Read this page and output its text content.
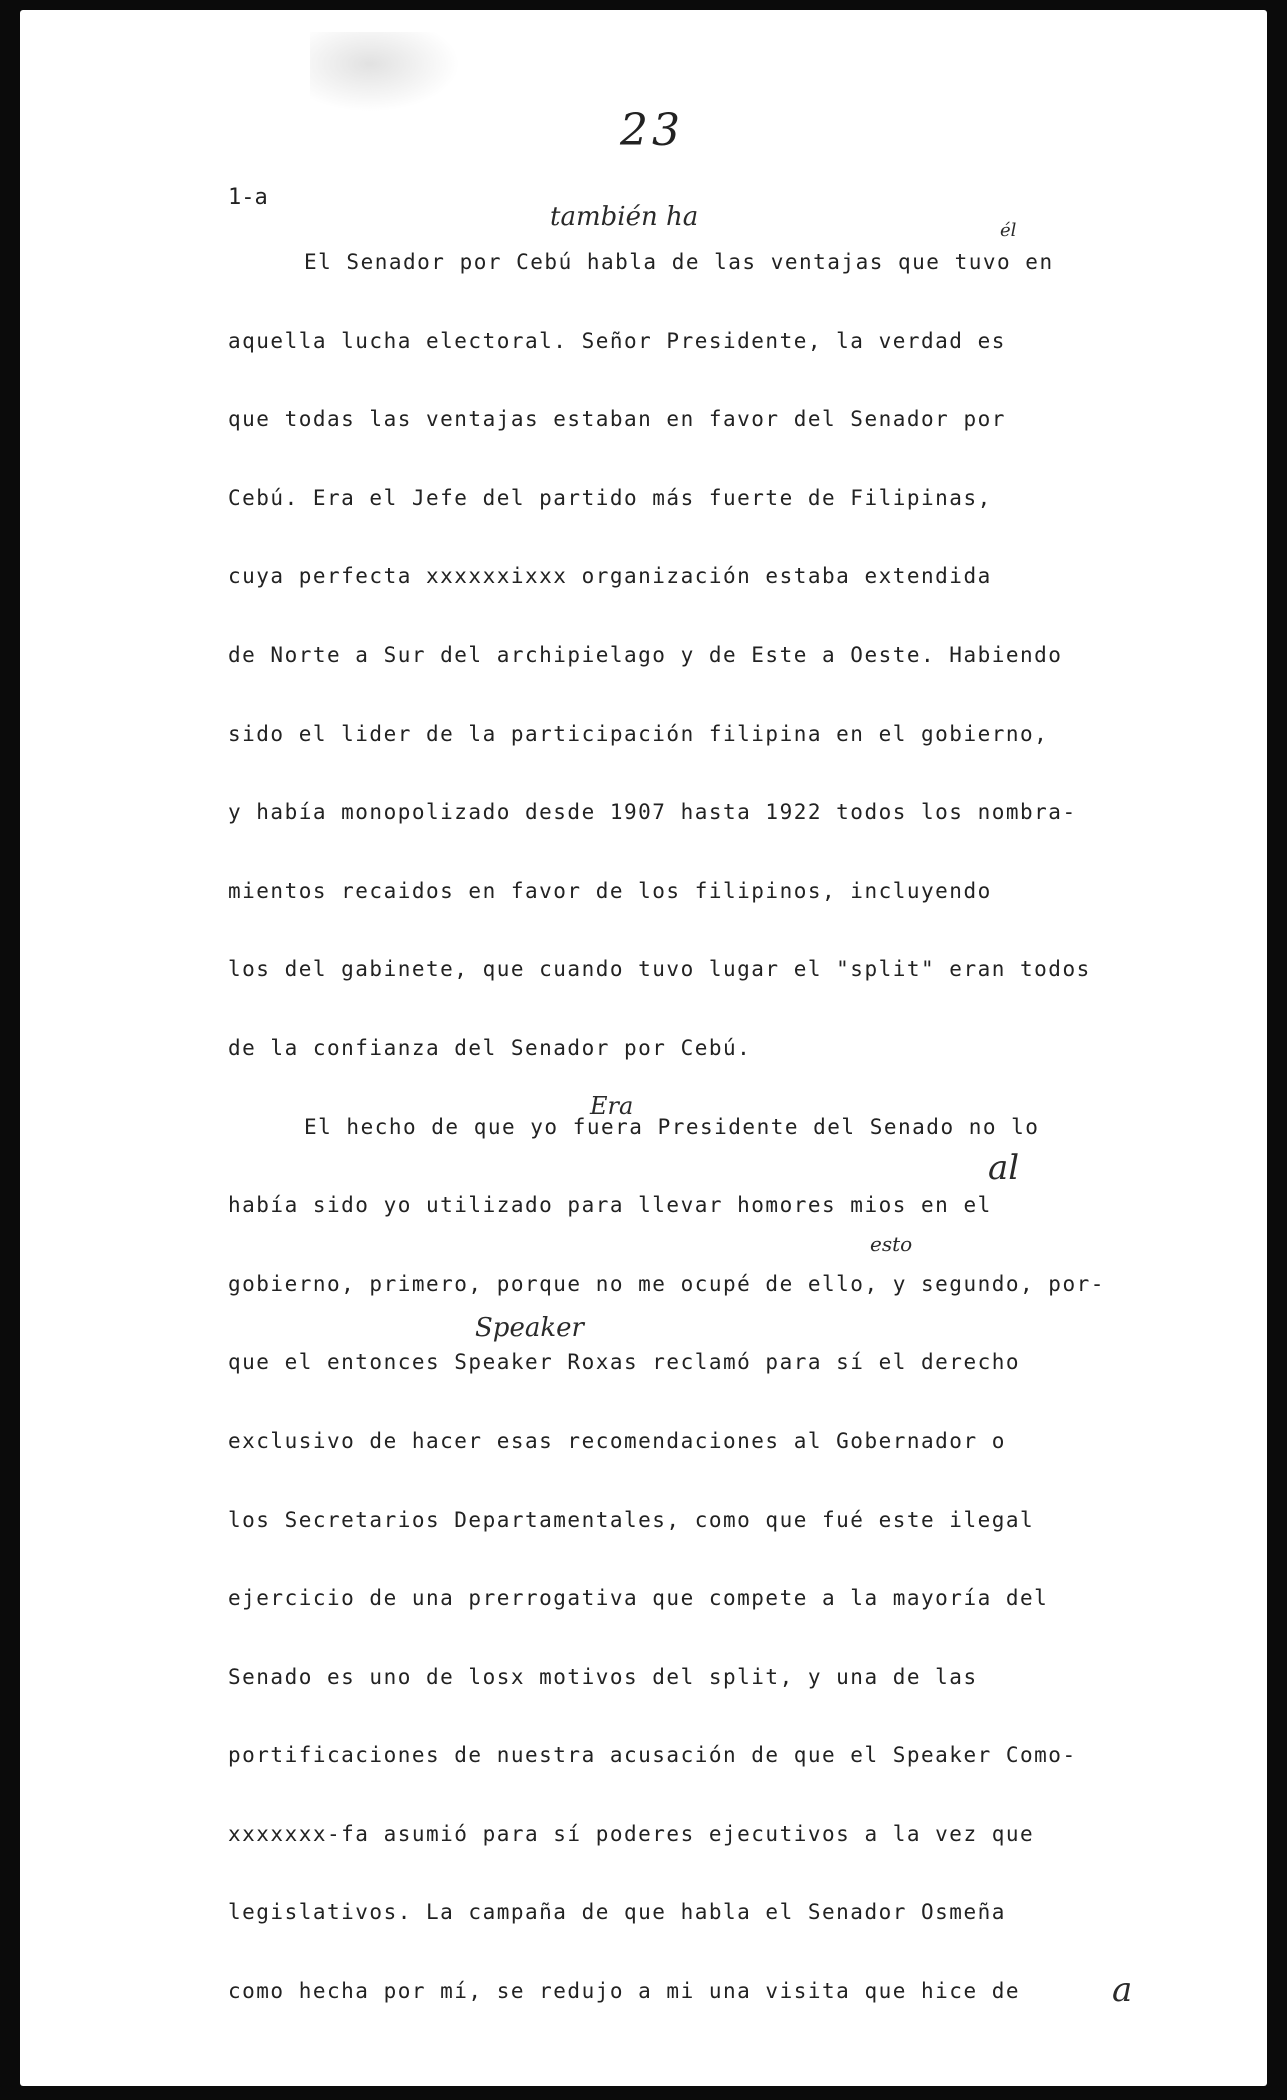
23
1-a
El Senador por Cebú habla de las ventajas que tuvo en
aquella lucha electoral. Señor Presidente, la verdad es
que todas las ventajas estaban en favor del Senador por
Cebú. Era el Jefe del partido más fuerte de Filipinas,
cuya perfecta xxxxxxixxx organización estaba extendida
de Norte a Sur del archipielago y de Este a Oeste. Habiendo
sido el lider de la participación filipina en el gobierno,
y había monopolizado desde 1907 hasta 1922 todos los nombra-
mientos recaidos en favor de los filipinos, incluyendo
los del gabinete, que cuando tuvo lugar el "split" eran todos
de la confianza del Senador por Cebú.
El hecho de que yo fuera Presidente del Senado no lo
había sido yo utilizado para llevar homores mios en el
gobierno, primero, porque no me ocupé de ello, y segundo, por-
que el entonces Speaker Roxas reclamó para sí el derecho
exclusivo de hacer esas recomendaciones al Gobernador o
los Secretarios Departamentales, como que fué este ilegal
ejercicio de una prerrogativa que compete a la mayoría del
Senado es uno de losx motivos del split, y una de las
portificaciones de nuestra acusación de que el Speaker Como-
xxxxxxx-fa asumió para sí poderes ejecutivos a la vez que
legislativos. La campaña de que habla el Senador Osmeña
como hecha por mí, se redujo a mi una visita que hice de
también ha	él
Era
al
esto
Speaker
a
